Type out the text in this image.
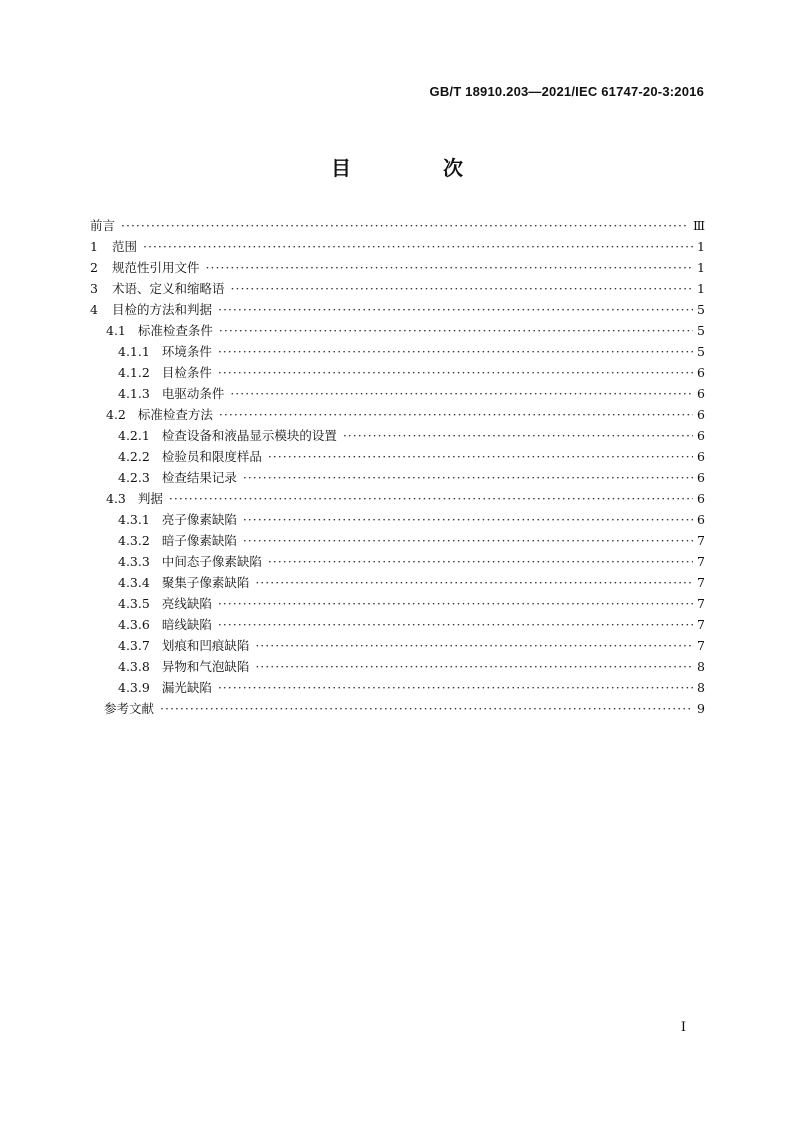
GB/T 18910.203—2021/IEC 61747-20-3:2016
目　次
前言 ·····	Ⅲ
1 范围 ·····	1
2 规范性引用文件 ·····	1
3 术语、定义和缩略语 ·····	1
4 目检的方法和判据 ·····	5
4.1 标准检查条件 ·····	5
4.1.1 环境条件 ·····	5
4.1.2 目检条件 ·····	6
4.1.3 电驱动条件 ·····	6
4.2 标准检查方法 ·····	6
4.2.1 检查设备和液晶显示模块的设置 ·····	6
4.2.2 检验员和限度样品 ·····	6
4.2.3 检查结果记录 ·····	6
4.3 判据 ·····	6
4.3.1 亮子像素缺陷 ·····	6
4.3.2 暗子像素缺陷 ·····	7
4.3.3 中间态子像素缺陷 ·····	7
4.3.4 聚集子像素缺陷 ·····	7
4.3.5 亮线缺陷 ·····	7
4.3.6 暗线缺陷 ·····	7
4.3.7 划痕和凹痕缺陷 ·····	7
4.3.8 异物和气泡缺陷 ·····	8
4.3.9 漏光缺陷 ·····	8
参考文献 ·····	9
Ⅰ
